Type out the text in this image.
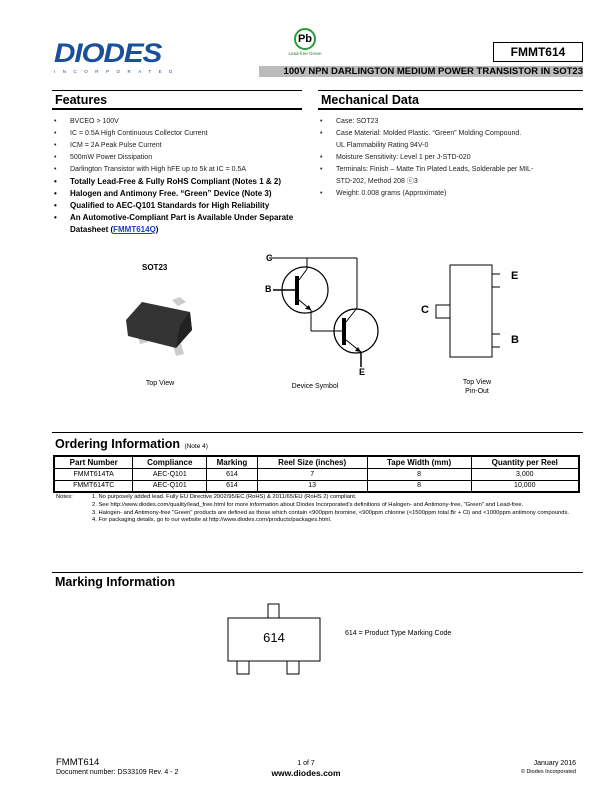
DIODES
INCORPORATED
Pb
Lead-free Green	FMMT614
100V NPN DARLINGTON MEDIUM POWER TRANSISTOR IN SOT23
Features
• BVCEO > 100V
• IC = 0.5A High Continuous Collector Current
• ICM = 2A Peak Pulse Current
• 500mW Power Dissipation
• Darlington Transistor with High hFE up to 5k at IC = 0.5A
• Totally Lead-Free & Fully RoHS Compliant (Notes 1 & 2)
• Halogen and Antimony Free. “Green” Device (Note 3)
• Qualified to AEC-Q101 Standards for High Reliability
• An Automotive-Compliant Part is Available Under Separate
Datasheet (FMMT614Q)
Mechanical Data
• Case: SOT23
• Case Material: Molded Plastic. “Green” Molding Compound.
UL Flammability Rating 94V-0
• Moisture Sensitivity: Level 1 per J-STD-020
• Terminals: Finish – Matte Tin Plated Leads, Solderable per MIL-
STD-202, Method 208 ⓔ3
• Weight: 0.008 grams (Approximate)
SOT23
Top View
C
B
E
Device Symbol
E
C
B
Top View
Pin-Out
Ordering Information (Note 4)
Part Number	Compliance	Marking	Reel Size (inches)	Tape Width (mm)	Quantity per Reel
FMMT614TA	AEC-Q101	614	7	8	3,000
FMMT614TC	AEC-Q101	614	13	8	10,000
Notes:	1. No purposely added lead. Fully EU Directive 2002/95/EC (RoHS) & 2011/65/EU (RoHS 2) compliant.
2. See http://www.diodes.com/quality/lead_free.html for more information about Diodes Incorporated's definitions of Halogen- and Antimony-free, "Green" and Lead-free.
3. Halogen- and Antimony-free "Green" products are defined as those which contain <900ppm bromine, <900ppm chlorine (<1500ppm total Br + Cl) and <1000ppm antimony compounds.
4. For packaging details, go to our website at http://www.diodes.com/products/packages.html.
Marking Information
614	614 = Product Type Marking Code
FMMT614
Document number: DS33109 Rev. 4 - 2
1 of 7
www.diodes.com
January 2016
© Diodes Incorporated
